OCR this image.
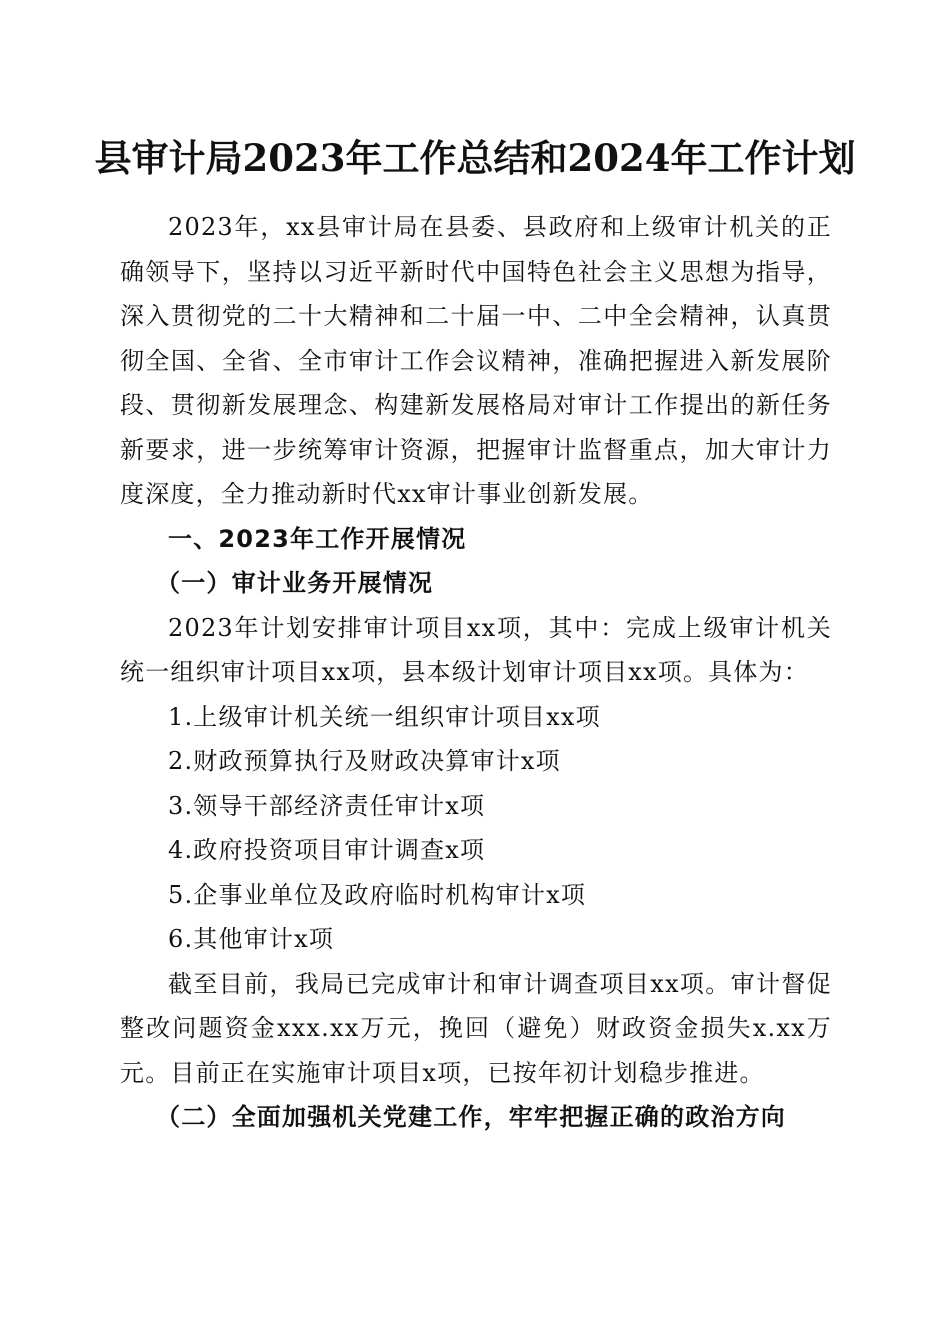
县审计局2023年工作总结和2024年工作计划

2023年，xx县审计局在县委、县政府和上级审计机关的正确领导下，坚持以习近平新时代中国特色社会主义思想为指导，深入贯彻党的二十大精神和二十届一中、二中全会精神，认真贯彻全国、全省、全市审计工作会议精神，准确把握进入新发展阶段、贯彻新发展理念、构建新发展格局对审计工作提出的新任务新要求，进一步统筹审计资源，把握审计监督重点，加大审计力度深度，全力推动新时代xx审计事业创新发展。

一、2023年工作开展情况

（一）审计业务开展情况

2023年计划安排审计项目xx项，其中：完成上级审计机关统一组织审计项目xx项，县本级计划审计项目xx项。具体为：

1.上级审计机关统一组织审计项目xx项

2.财政预算执行及财政决算审计x项

3.领导干部经济责任审计x项

4.政府投资项目审计调查x项

5.企事业单位及政府临时机构审计x项

6.其他审计x项

截至目前，我局已完成审计和审计调查项目xx项。审计督促整改问题资金xxx.xx万元，挽回（避免）财政资金损失x.xx万元。目前正在实施审计项目x项，已按年初计划稳步推进。

（二）全面加强机关党建工作，牢牢把握正确的政治方向
